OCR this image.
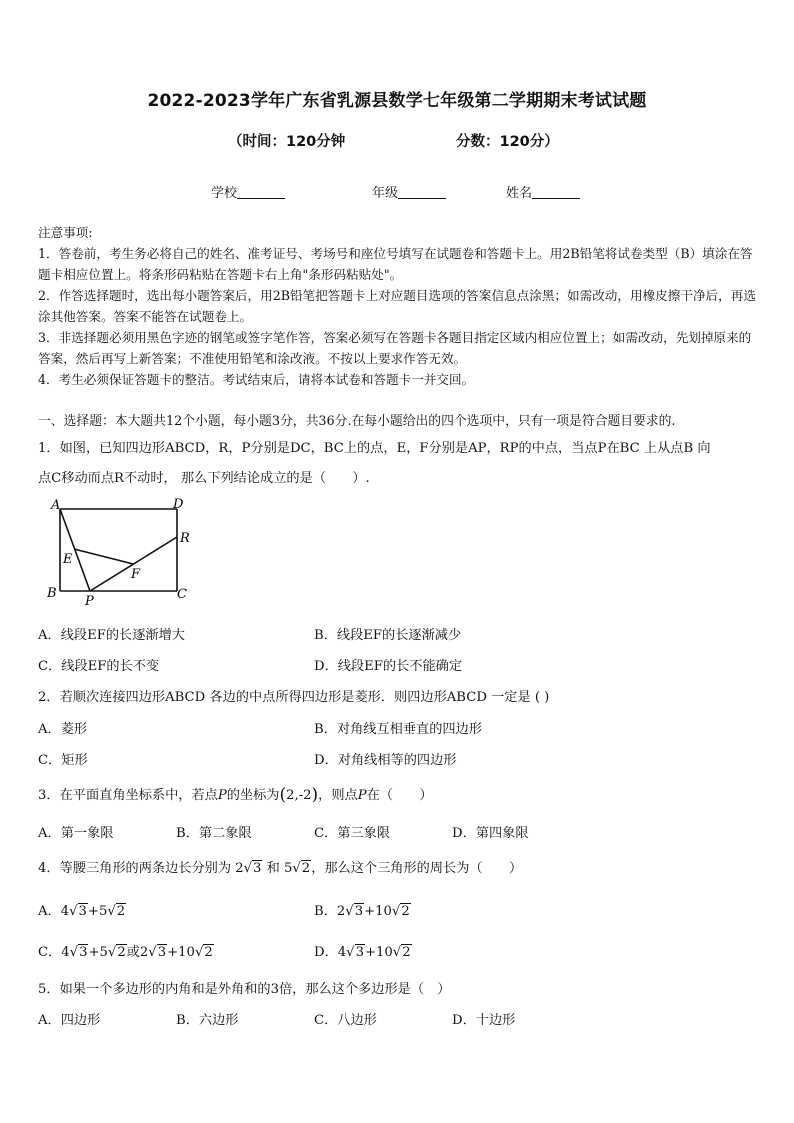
2022-2023学年广东省乳源县数学七年级第二学期期末考试试题
（时间：120分钟	分数：120分）
学校	年级	姓名
注意事项:
1．答卷前，考生务必将自己的姓名、准考证号、考场号和座位号填写在试题卷和答题卡上。用2B铅笔将试卷类型（B）填涂在答题卡相应位置上。将条形码粘贴在答题卡右上角"条形码粘贴处"。
2．作答选择题时，选出每小题答案后，用2B铅笔把答题卡上对应题目选项的答案信息点涂黑；如需改动，用橡皮擦干净后，再选涂其他答案。答案不能答在试题卷上。
3．非选择题必须用黑色字迹的钢笔或签字笔作答，答案必须写在答题卡各题目指定区域内相应位置上；如需改动，先划掉原来的答案，然后再写上新答案；不准使用铅笔和涂改液。不按以上要求作答无效。
4．考生必须保证答题卡的整洁。考试结束后，请将本试卷和答题卡一并交回。
一、选择题：本大题共12个小题，每小题3分，共36分.在每小题给出的四个选项中，只有一项是符合题目要求的.
1．如图，已知四边形ABCD，R，P分别是DC，BC上的点，E，F分别是AP，RP的中点，当点P在BC 上从点B 向
点C移动而点R不动时， 那么下列结论成立的是（　　）.
A	D
R
E
F
B
P	C
A．线段EF的长逐渐增大	B．线段EF的长逐渐减少
C．线段EF的长不变	D．线段EF的长不能确定
2．若顺次连接四边形ABCD 各边的中点所得四边形是菱形．则四边形ABCD 一定是 ( )
A．菱形	B．对角线互相垂直的四边形
C．矩形	D．对角线相等的四边形
3．在平面直角坐标系中，若点P的坐标为(2,-2)，则点P在（　　）
A．第一象限	B．第二象限	C．第三象限	D．第四象限
4．等腰三角形的两条边长分别为 2√3 和 5√2，那么这个三角形的周长为（　　）
A．4√3+5√2	B．2√3+10√2
C．4√3+5√2或2√3+10√2	D．4√3+10√2
5．如果一个多边形的内角和是外角和的3倍，那么这个多边形是（　）
A．四边形	B．六边形	C．八边形	D．十边形
